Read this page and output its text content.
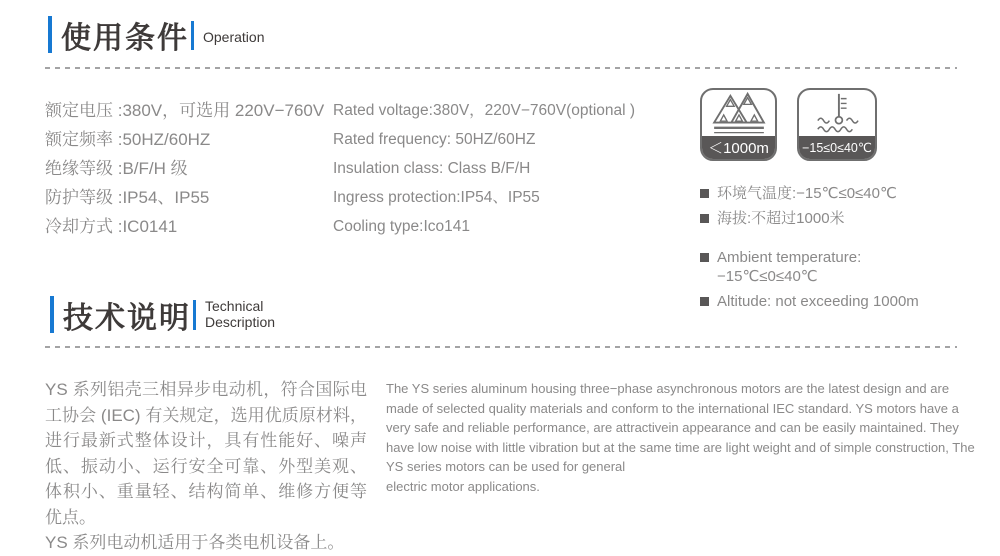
使用条件 Operation
额定电压 :380V，可选用 220V−760V
额定频率 :50HZ/60HZ
绝缘等级 :B/F/H 级
防护等级 :IP54、IP55
冷却方式 :IC0141
Rated voltage:380V，220V−760V(optional )
Rated frequency: 50HZ/60HZ
Insulation class: Class B/F/H
Ingress protection:IP54、IP55
Cooling type:Ico141
＜1000m	−15≤0≤40℃
环境气温度:−15℃≤0≤40℃
海拔:不超过1000米
Ambient temperature:
−15℃≤0≤40℃
Altitude: not exceeding 1000m
技术说明 Technical
Description
YS 系列铝壳三相异步电动机，符合国际电工协会 (IEC) 有关规定，选用优质原材料，进行最新式整体设计，具有性能好、噪声低、振动小、运行安全可靠、外型美观、体积小、重量轻、结构简单、维修方便等优点。
YS 系列电动机适用于各类电机设备上。
The YS series aluminum housing three−phase asynchronous motors are the latest design and are
made of selected quality materials and conform to the international IEC standard. YS motors have a
very safe and reliable performance, are attractivein appearance and can be easily maintained. They
have low noise with little vibration but at the same time are light weight and of simple construction, The
YS series motors can be used for general
electric motor applications.
